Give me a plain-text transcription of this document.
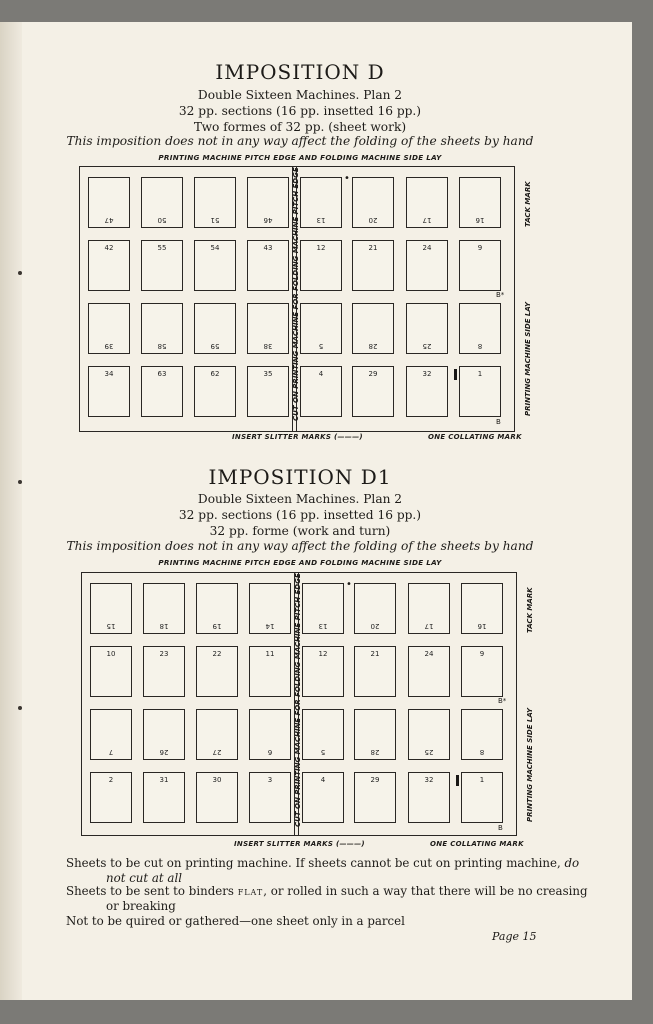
IMPOSITION D
Double Sixteen Machines. Plan 2
32 pp. sections (16 pp. insetted 16 pp.)
Two formes of 32 pp. (sheet work)
This imposition does not in any way affect the folding of the sheets by hand
PRINTING MACHINE PITCH EDGE AND FOLDING MACHINE SIDE LAY
47	50	51	46	13	20	17	16
42	55	54	43	12	21	24	9
39	58	59	38	5	28	25	8
34	63	62	35	4	29	32	1
CUT ON PRINTING MACHINE FOR FOLDING MACHINE PITCH EDGE	TACK MARK
PRINTING MACHINE SIDE LAY
•
B*
B
INSERT SLITTER MARKS (———)	ONE COLLATING MARK
IMPOSITION D1
Double Sixteen Machines. Plan 2
32 pp. sections (16 pp. insetted 16 pp.)
32 pp. forme (work and turn)
This imposition does not in any way affect the folding of the sheets by hand
PRINTING MACHINE PITCH EDGE AND FOLDING MACHINE SIDE LAY
15	18	19	14	13	20	17	16
10	23	22	11	12	21	24	9
7	26	27	6	5	28	25	8
2	31	30	3	4	29	32	1
CUT ON PRINTING MACHINE FOR FOLDING MACHINE PITCH EDGE	TACK MARK
PRINTING MACHINE SIDE LAY
•
B*
B
INSERT SLITTER MARKS (———)	ONE COLLATING MARK
Sheets to be cut on printing machine. If sheets cannot be cut on printing machine, do
not cut at all
Sheets to be sent to binders FLAT, or rolled in such a way that there will be no creasing
or breaking
Not to be quired or gathered—one sheet only in a parcel
Page 15
